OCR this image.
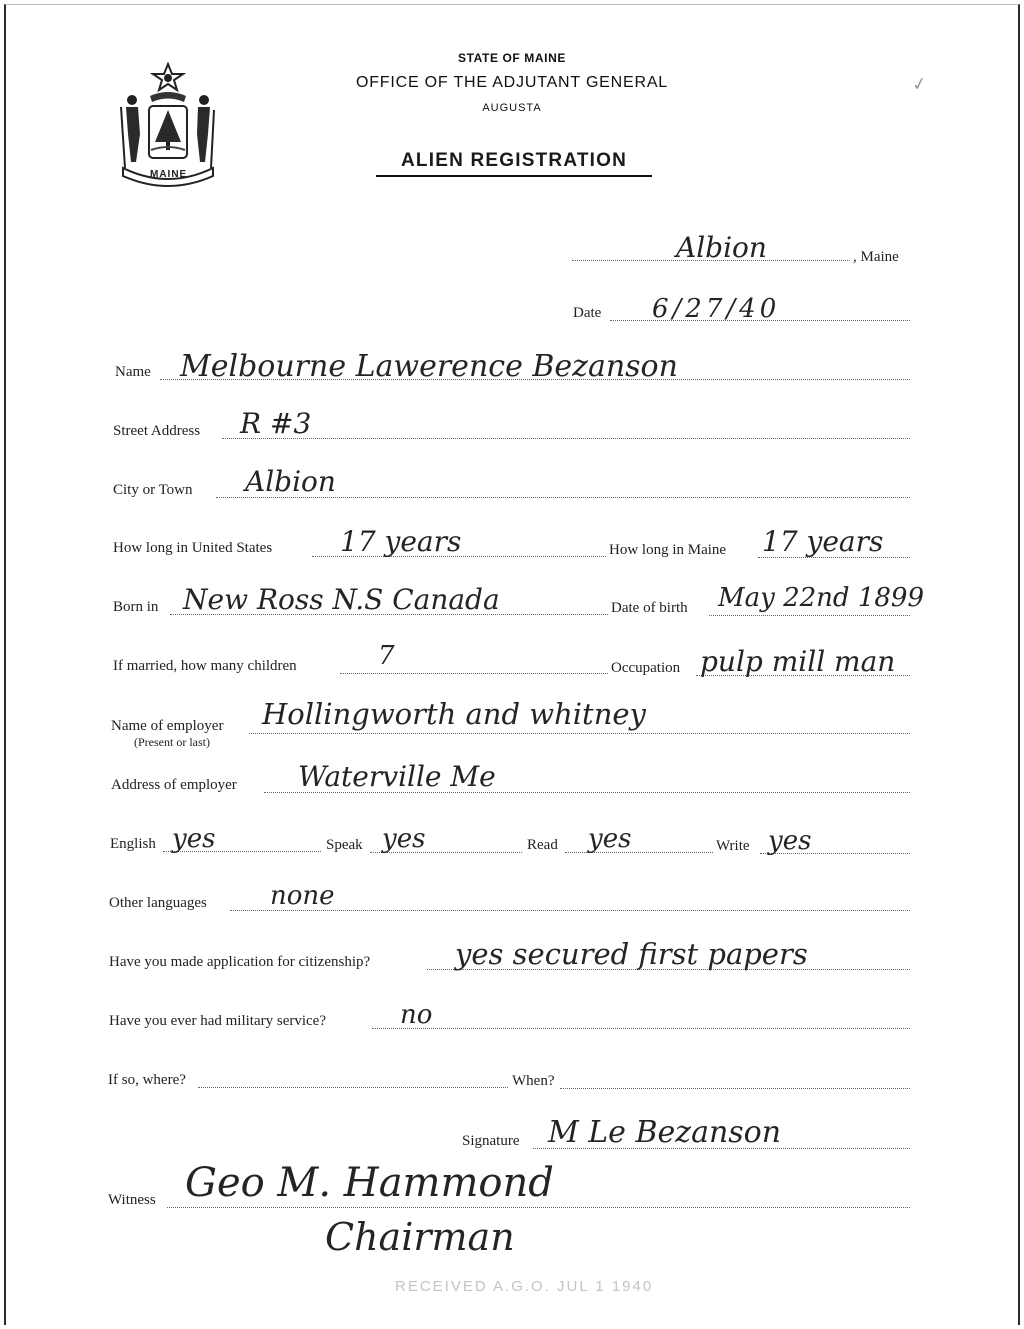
MAINE
STATE OF MAINE
OFFICE OF THE ADJUTANT GENERAL
AUGUSTA
ALIEN REGISTRATION
✓
Albion	, Maine
Date 6/27/40
Name Melbourne Lawerence Bezanson
Street Address R #3
City or Town Albion
How long in United States 17 years	How long in Maine 17 years
Born in New Ross N.S Canada	Date of birth May 22nd 1899
If married, how many children	7	Occupation pulp mill man
Name of employer
(Present or last)
Hollingworth and whitney
Address of employer Waterville Me
English yes	Speak yes	Read yes	Write yes
Other languages none
Have you made application for citizenship?	yes secured first papers
Have you ever had military service?	no
If so, where?	When?
Signature M Le Bezanson
Witness Geo M. Hammond
Chairman
RECEIVED A.G.O. JUL 1 1940
